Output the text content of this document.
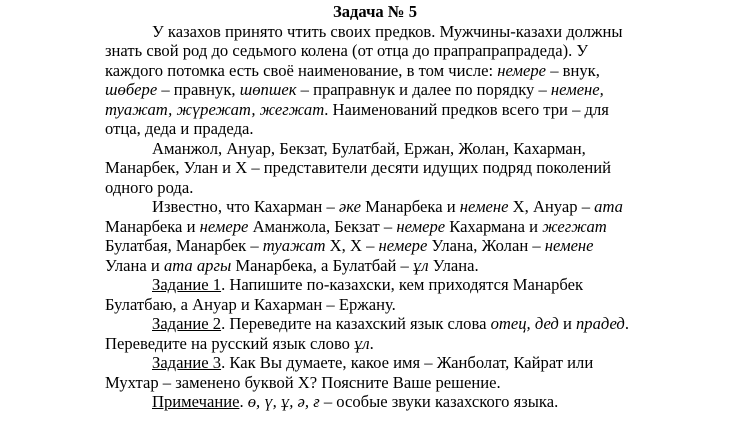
Задача № 5
У казахов принято чтить своих предков. Мужчины-казахи должны
знать свой род до седьмого колена (от отца до прапрапрапрадеда). У
каждого потомка есть своё наименование, в том числе: немере – внук,
шөбере – правнук, шөпшек – праправнук и далее по порядку – немене,
туажат, жүрежат, жегжат. Наименований предков всего три – для
отца, деда и прадеда.
Аманжол, Ануар, Бекзат, Булатбай, Ержан, Жолан, Кахарман,
Манарбек, Улан и Х – представители десяти идущих подряд поколений
одного рода.
Известно, что Кахарман – әке Манарбека и немене Х, Ануар – ата
Манарбека и немере Аманжола, Бекзат – немере Кахармана и жегжат
Булатбая, Манарбек – туажат Х, Х – немере Улана, Жолан – немене
Улана и ата аргы Манарбека, а Булатбай – ұл Улана.
Задание 1. Напишите по-казахски, кем приходятся Манарбек
Булатбаю, а Ануар и Кахарман – Ержану.
Задание 2. Переведите на казахский язык слова отец, дед и прадед.
Переведите на русский язык слово ұл.
Задание 3. Как Вы думаете, какое имя – Жанболат, Кайрат или
Мухтар – заменено буквой Х? Поясните Ваше решение.
Примечание. ө, ү, ұ, ә, ғ – особые звуки казахского языка.
